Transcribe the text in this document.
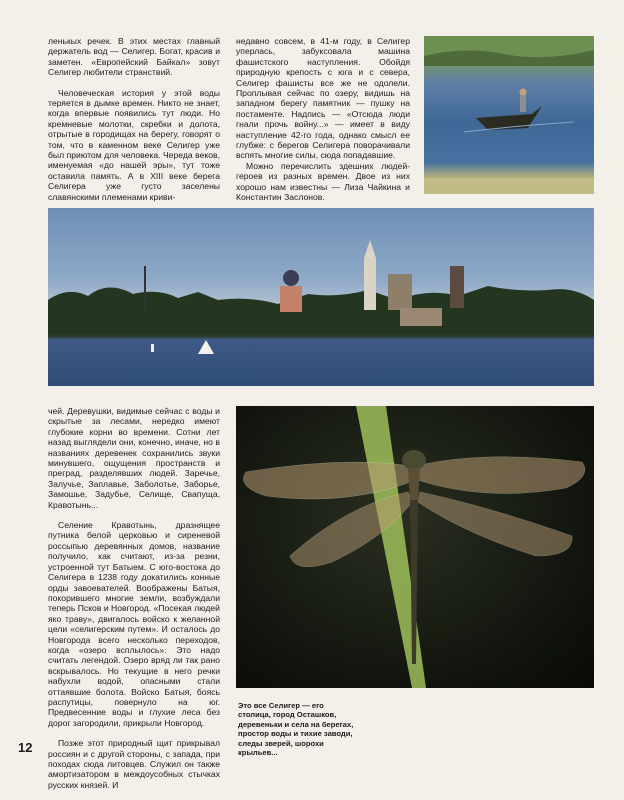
ленькых речек. В этих местах главный держатель вод — Селигер. Богат, красив и заметен. «Европейский Байкал» зовут Селигер любители странствий.

Человеческая история у этой воды теряется в дымке времен. Никто не знает, когда впервые появились тут люди. Но кремневые молотки, скребки и долота, отрытые в городищах на берегу, говорят о том, что в каменном веке Селигер уже был приютом для человека. Череда веков, именуемая «до нашей эры», тут тоже оставила память. А в XIII веке берега Селигера уже густо заселены славянскими племенами криви-

недавно совсем, в 41-м году, в Селигер уперлась, забуксовала машина фашистского наступления. Обойдя природную крепость с юга и с севера, Селигер фашисты все же не одолели. Проплывая сейчас по озеру, видишь на западном берегу памятник — пушку на постаменте. Надпись — «Отсюда люди гнали прочь войну...» — имеет в виду наступление 42-го года, однако смысл ее глубже: с берегов Селигера поворачивали вспять многие силы, сюда попадавшие.

Можно перечислить здешних людей-героев из разных времен. Двое из них хорошо нам известны — Лиза Чайкина и Константин Заслонов.

чей. Деревушки, видимые сейчас с воды и скрытые за лесами, нередко имеют глубокие корни во времени. Сотни лет назад выглядели они, конечно, иначе, но в названиях деревенек сохранились звуки минувшего, ощущения пространств и преград, разделявших людей. Заречье, Залучье, Заплавье, Заболотье, Заборье, Замошье, Задубье, Селище, Свапуща, Кравотынь...

Селение Кравотынь, дразнящее путника белой церковью и сиреневой россыпью деревянных домов, название получило, как считают, из-за резни, устроенной тут Батыем. С юго-востока до Селигера в 1238 году докатились конные орды завоевателей. Воображены Батыя, покорившего многие земли, возбуждали теперь Псков и Новгород. «Посекая людей яко траву», двигалось войско к желанной цели «селигерским путем». И осталось до Новгорода всего несколько переходов, когда «озеро всплылось». Это надо считать легендой. Озеро вряд ли так рано вскрывалось. Но текущие в него речки набухли водой, опасными стали оттаявшие болота. Войско Батыя, боясь распутицы, повернуло на юг. Предвесенние воды и глухие леса без дорог загородили, прикрыли Новгород.

Позже этот природный щит прикрывал россиян и с другой стороны, с запада, при походах сюда литовцев. Служил он также амортизатором в междоусобных стычках русских князей. И

Это все Селигер — его столица, город Осташков, деревеньки и села на берегах, простор воды и тихие заводи, следы зверей, шорохи крыльев...
12
